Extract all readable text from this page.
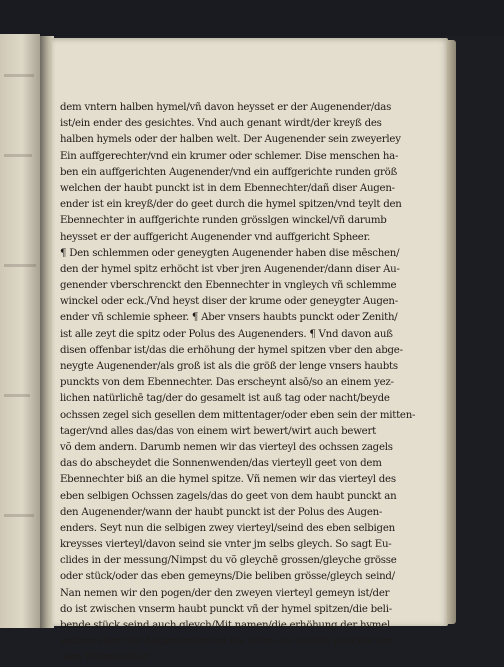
dem vntern halben hymel/vñ davon heysset er der Augenender/das
ist/ein ender des gesichtes. Vnd auch genant wirdt/der kreyß des
halben hymels oder der halben welt. Der Augenender sein zweyerley
Ein auffgerechter/vnd ein krumer oder schlemer. Dise menschen ha-
ben ein auffgerichten Augenender/vnd ein auffgerichte runden größ
welchen der haubt punckt ist in dem Ebennechter/dañ diser Augen-
ender ist ein kreyß/der do geet durch die hymel spitzen/vnd teylt den
Ebennechter in auffgerichte runden grösslgen winckel/vñ darumb
heysset er der auffgericht Augenender vnd auffgericht Spheer.
¶ Den schlemmen oder geneygten Augenender haben dise mēschen/
den der hymel spitz erhöcht ist vber jren Augenender/dann diser Au-
genender vberschrenckt den Ebennechter in vngleych vñ schlemme
winckel oder eck./Vnd heyst diser der krume oder geneygter Augen-
ender vñ schlemie spheer. ¶ Aber vnsers haubts punckt oder Zenith/
ist alle zeyt die spitz oder Polus des Augenenders. ¶ Vnd davon auß
disen offenbar ist/das die erhöhung der hymel spitzen vber den abge-
neygte Augenender/als groß ist als die größ der lenge vnsers haubts
punckts von dem Ebennechter. Das erscheynt alsō/so an einem yez-
lichen natürlichē tag/der do gesamelt ist auß tag oder nacht/beyde
ochssen zegel sich gesellen dem mittentager/oder eben sein der mitten-
tager/vnd alles das/das von einem wirt bewert/wirt auch bewert
võ dem andern. Darumb nemen wir das vierteyl des ochssen zagels
das do abscheydet die Sonnenwenden/das vierteyll geet von dem
Ebennechter biß an die hymel spitze. Vñ nemen wir das vierteyl des
eben selbigen Ochssen zagels/das do geet von dem haubt punckt an
den Augenender/wann der haubt punckt ist der Polus des Augen-
enders. Seyt nun die selbigen zwey vierteyl/seind des eben selbigen
kreysses vierteyl/davon seind sie vnter jm selbs gleych. So sagt Eu-
clides in der messung/Nimpst du võ gleychē grossen/gleyche grösse
oder stück/oder das eben gemeyns/Die beliben grösse/gleych seind/
Nan nemen wir den pogen/der den zweyen vierteyl gemeyn ist/der
do ist zwischen vnserm haubt punckt vñ der hymel spitzen/die beli-
bende stück seind auch gleych/Mit namen/die erhöhung der hymel
spitzen vber den Augenender/vnd die vetre des haubts punckts von
dem Ebennechter.
